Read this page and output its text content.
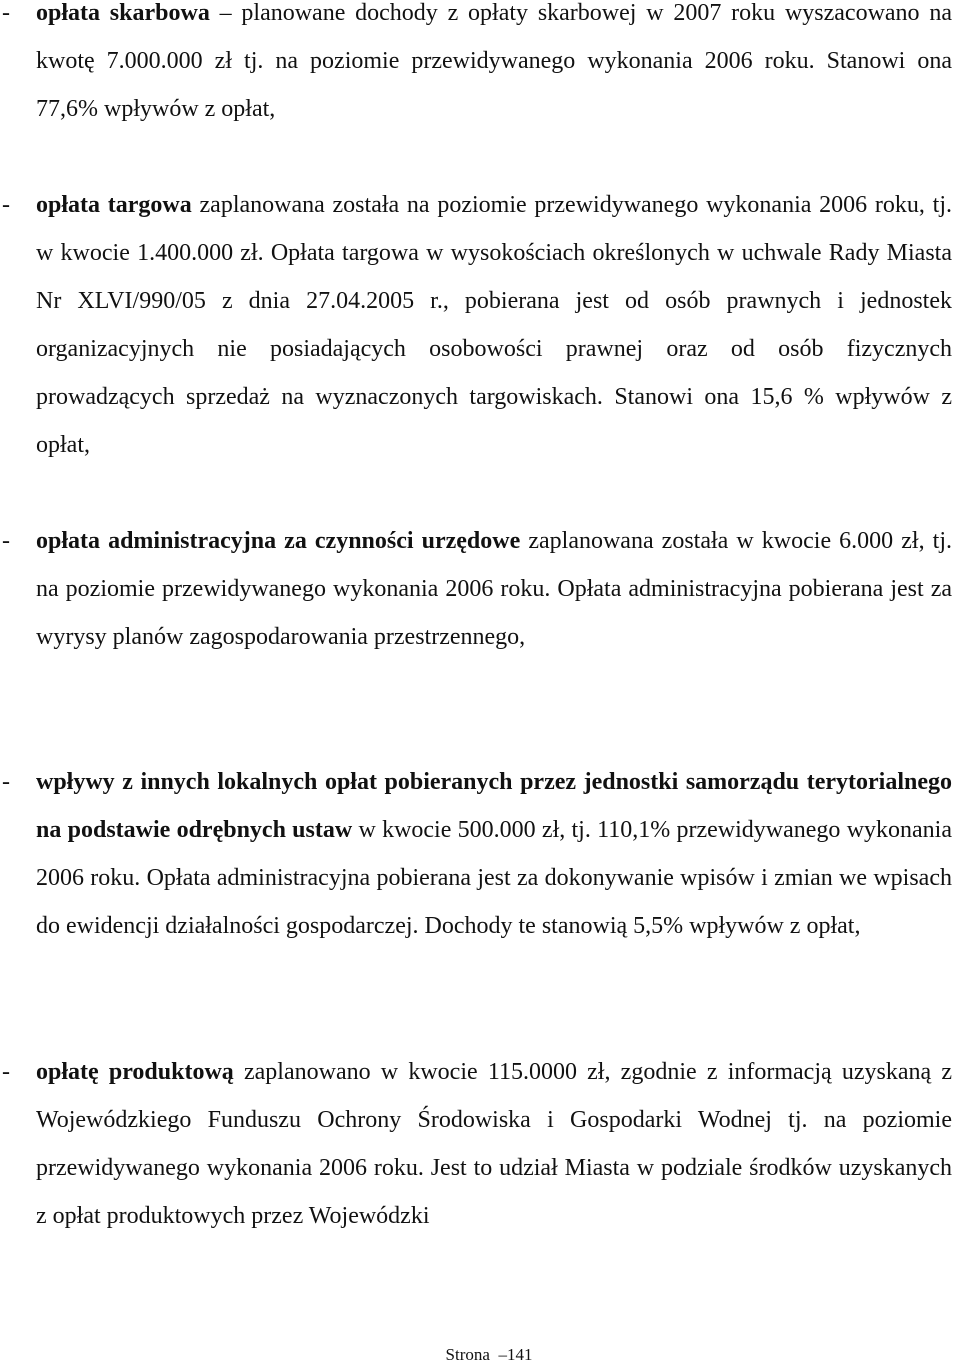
- opłata skarbowa – planowane dochody z opłaty skarbowej w 2007 roku wyszacowano na kwotę 7.000.000 zł tj. na poziomie przewidywanego wykonania 2006 roku. Stanowi ona 77,6% wpływów z opłat,
- opłata targowa zaplanowana została na poziomie przewidywanego wykonania 2006 roku, tj. w kwocie 1.400.000 zł. Opłata targowa w wysokościach określonych w uchwale Rady Miasta Nr XLVI/990/05 z dnia 27.04.2005 r., pobierana jest od osób prawnych i jednostek organizacyjnych nie posiadających osobowości prawnej oraz od osób fizycznych prowadzących sprzedaż na wyznaczonych targowiskach. Stanowi ona 15,6 % wpływów z opłat,
- opłata administracyjna za czynności urzędowe zaplanowana została w kwocie 6.000 zł, tj. na poziomie przewidywanego wykonania 2006 roku. Opłata administracyjna pobierana jest za wyrysy planów zagospodarowania przestrzennego,
- wpływy z innych lokalnych opłat pobieranych przez jednostki samorządu terytorialnego na podstawie odrębnych ustaw w kwocie 500.000 zł, tj. 110,1% przewidywanego wykonania 2006 roku. Opłata administracyjna pobierana jest za dokonywanie wpisów i zmian we wpisach do ewidencji działalności gospodarczej. Dochody te stanowią 5,5% wpływów z opłat,
- opłatę produktową zaplanowano w kwocie 115.0000 zł, zgodnie z informacją uzyskaną z Wojewódzkiego Funduszu Ochrony Środowiska i Gospodarki Wodnej tj. na poziomie przewidywanego wykonania 2006 roku. Jest to udział Miasta w podziale środków uzyskanych z opłat produktowych przez Wojewódzki
Strona  –141
